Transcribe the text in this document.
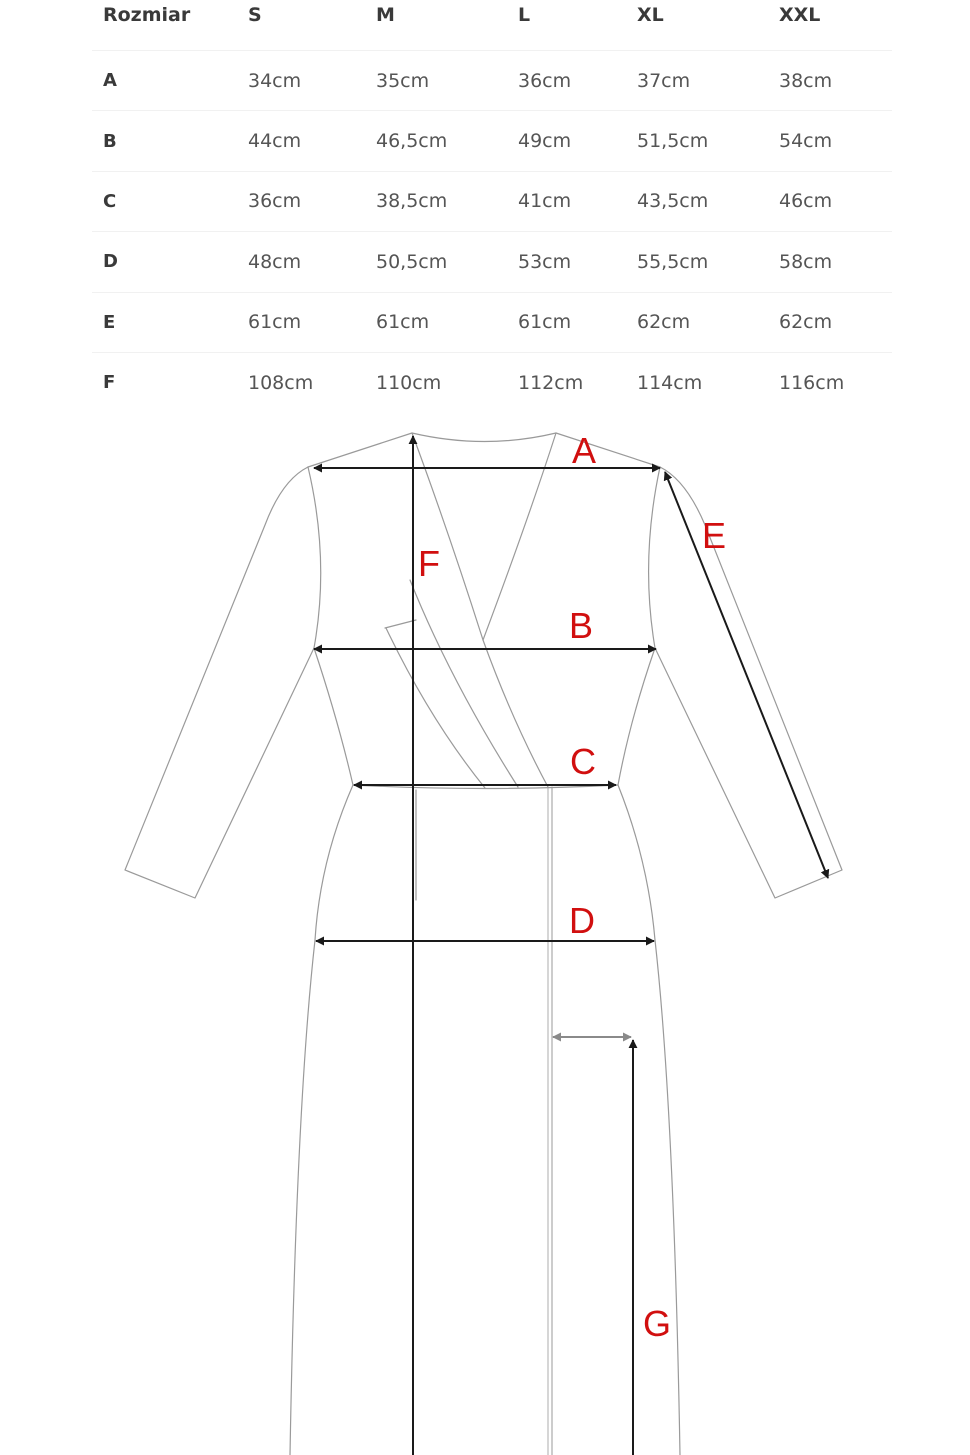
Rozmiar	S	M	L	XL	XXL
A	34cm	35cm	36cm	37cm	38cm
B	44cm	46,5cm	49cm	51,5cm	54cm
C	36cm	38,5cm	41cm	43,5cm	46cm
D	48cm	50,5cm	53cm	55,5cm	58cm
E	61cm	61cm	61cm	62cm	62cm
F	108cm	110cm	112cm	114cm	116cm
A
B
C
D
E
F
G
